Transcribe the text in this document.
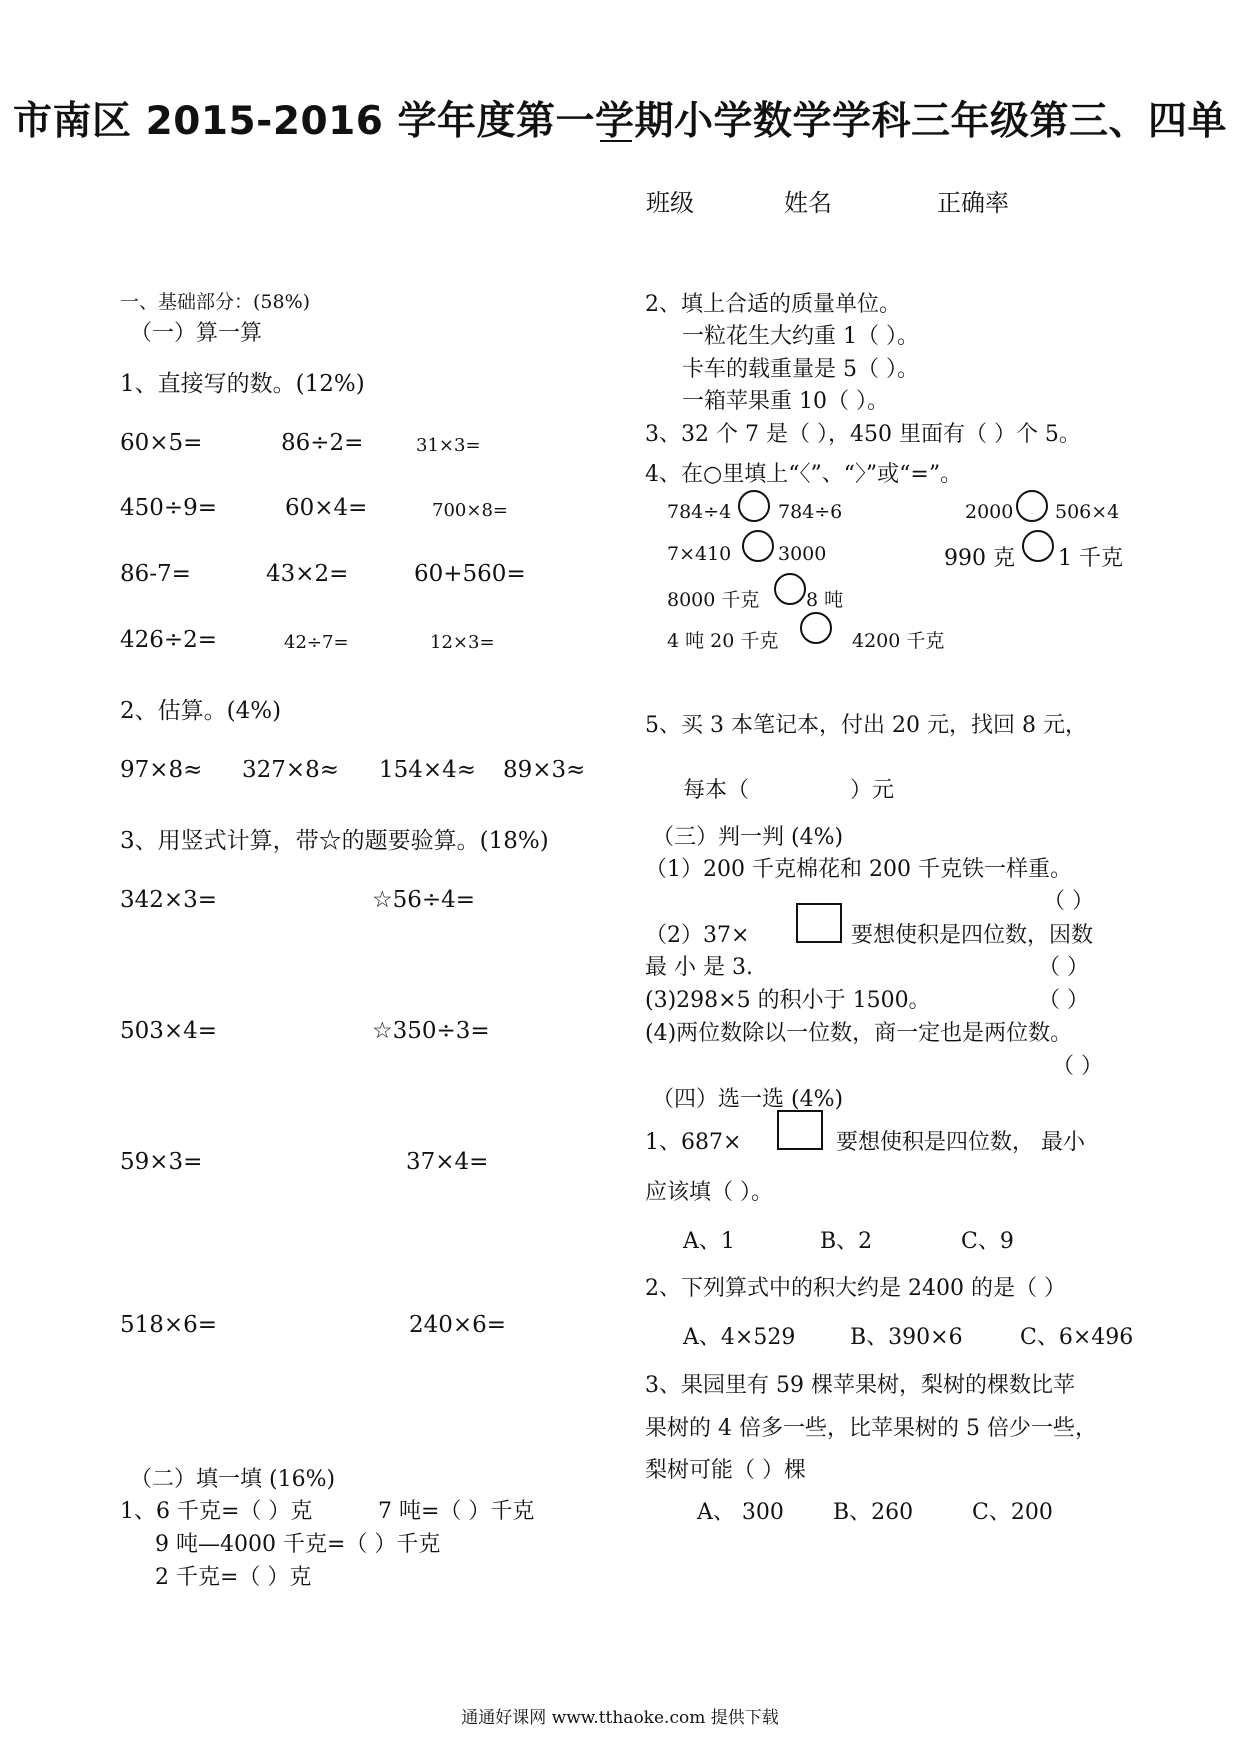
市南区 2015-2016 学年度第一学期小学数学学科三年级第三、四单
班级	姓名	正确率
一、基础部分：(58%)
（一）算一算
1、直接写的数。(12%)
60×5=	86÷2=	31×3=
450÷9=	60×4=	700×8=
86-7=	43×2=	60+560=
426÷2=	42÷7=	12×3=
2、估算。(4%)
97×8≈ 327×8≈ 154×4≈ 89×3≈
3、用竖式计算，带☆的题要验算。(18%)
342×3=	☆56÷4=
503×4=	☆350÷3=
59×3=	37×4=
518×6=	240×6=
（二）填一填 (16%)
1、6 千克=（ ）克	7 吨=（ ）千克
9 吨—4000 千克=（ ）千克
2 千克=（ ）克
2、填上合适的质量单位。
一粒花生大约重 1（ ）。
卡车的载重量是 5（ ）。
一箱苹果重 10（ ）。
3、32 个 7 是（ ），450 里面有（ ）个 5。
4、在○里填上“〈”、“〉”或“=”。
784÷4 784÷6	2000 506×4
7×410 3000	990 克 1 千克
8000 千克 8 吨
4 吨 20 千克	4200 千克
5、买 3 本笔记本，付出 20 元，找回 8 元，
每本（	）元
（三）判一判 (4%)
（1）200 千克棉花和 200 千克铁一样重。
（ ）
（2）37×	要想使积是四位数，因数
最 小 是 3.	（ ）
(3)298×5 的积小于 1500。	（ ）
(4)两位数除以一位数，商一定也是两位数。
（ ）
（四）选一选 (4%)
1、687×	要想使积是四位数， 最小
应该填（ ）。
A、1	B、2	C、9
2、下列算式中的积大约是 2400 的是（ ）
A、4×529 B、390×6	C、6×496
3、果园里有 59 棵苹果树，梨树的棵数比苹
果树的 4 倍多一些，比苹果树的 5 倍少一些，
梨树可能（ ）棵
A、 300 B、260	C、200
通通好课网 www.tthaoke.com 提供下载
